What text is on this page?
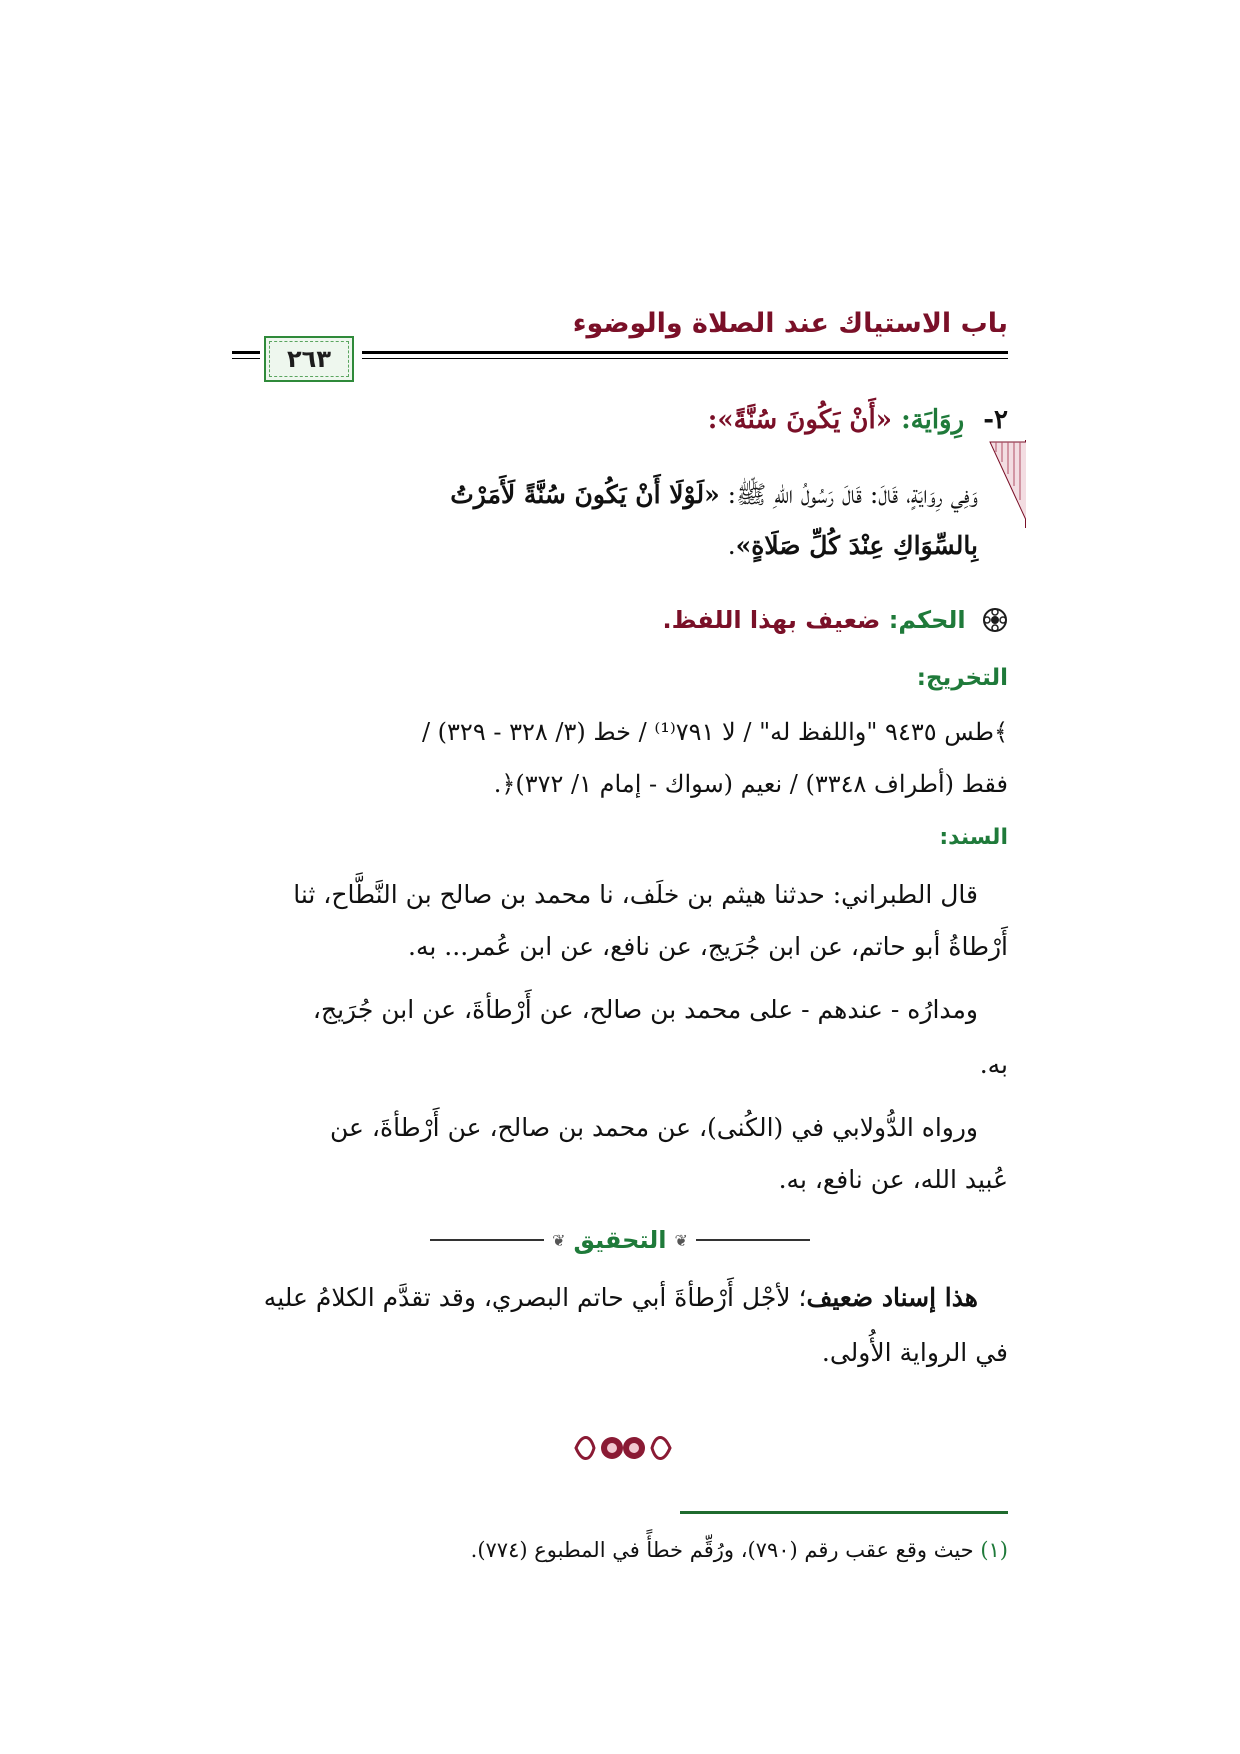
باب الاستياك عند الصلاة والوضوء
٢٦٣
٢- رِوَايَة: «أَنْ يَكُونَ سُنَّةً»:
وَفِي رِوَايَةٍ، قَالَ: قَالَ رَسُولُ اللهِ ﷺ: «لَوْلَا أَنْ يَكُونَ سُنَّةً لَأَمَرْتُ
بِالسِّوَاكِ عِنْدَ كُلِّ صَلَاةٍ».
الحكم: ضعيف بهذا اللفظ.
التخريج:
﴾طس ٩٤٣٥ "واللفظ له" / لا ٧٩١⁽¹⁾ / خط (٣/ ٣٢٨ - ٣٢٩) /
فقط (أطراف ٣٣٤٨) / نعيم (سواك - إمام ١/ ٣٧٢)﴿.
السند:
قال الطبراني: حدثنا هيثم بن خلَف، نا محمد بن صالح بن النَّطَّاح، ثنا
أَرْطاةُ أبو حاتم، عن ابن جُرَيج، عن نافع، عن ابن عُمر... به.
ومدارُه - عندهم - على محمد بن صالح، عن أَرْطأةَ، عن ابن جُرَيج،
به.
ورواه الدُّولابي في (الكُنى)، عن محمد بن صالح، عن أَرْطأةَ، عن
عُبيد الله، عن نافع، به.
❦
التحقيق
❦
هذا إسناد ضعيف؛ لأجْل أَرْطأةَ أبي حاتم البصري، وقد تقدَّم الكلامُ عليه
في الرواية الأُولى.
(١) حيث وقع عقب رقم (٧٩٠)، ورُقِّم خطأً في المطبوع (٧٧٤).
